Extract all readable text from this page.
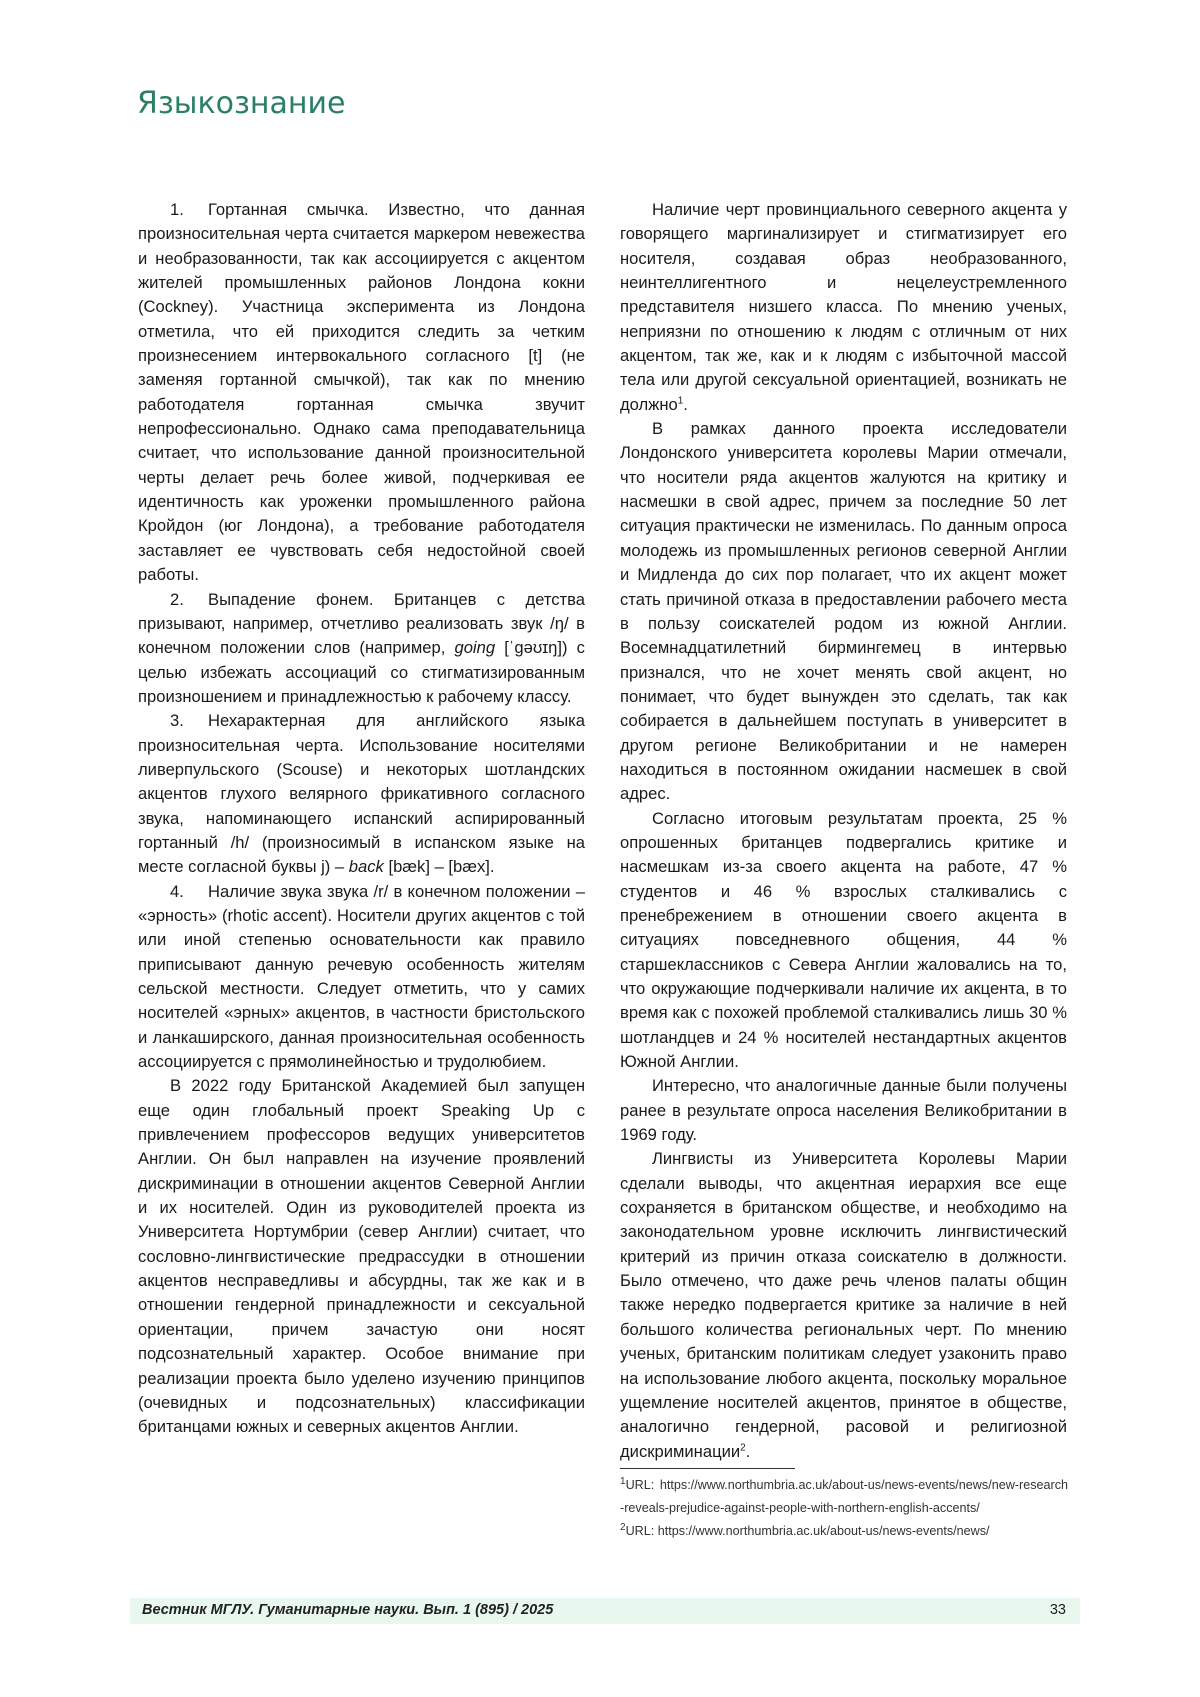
Языкознание

1. Гортанная смычка. Известно, что данная произносительная черта считается маркером невежества и необразованности, так как ассоциируется с акцентом жителей промышленных районов Лондона кокни (Cockney). Участница эксперимента из Лондона отметила, что ей приходится следить за четким произнесением интервокального согласного [t] (не заменяя гортанной смычкой), так как по мнению работодателя гортанная смычка звучит непрофессионально. Однако сама преподавательница считает, что использование данной произносительной черты делает речь более живой, подчеркивая ее идентичность как уроженки промышленного района Кройдон (юг Лондона), а требование работодателя заставляет ее чувствовать себя недостойной своей работы.

2. Выпадение фонем. Британцев с детства призывают, например, отчетливо реализовать звук /ŋ/ в конечном положении слов (например, going [ˈɡəʊɪŋ]) с целью избежать ассоциаций со стигматизированным произношением и принадлежностью к рабочему классу.

3. Нехарактерная для английского языка произносительная черта. Использование носителями ливерпульского (Scouse) и некоторых шотландских акцентов глухого велярного фрикативного согласного звука, напоминающего испанский аспирированный гортанный /h/ (произносимый в испанском языке на месте согласной буквы j) – back [bæk] – [bæx].

4. Наличие звука звука /r/ в конечном положении – «эрность» (rhotic accent). Носители других акцентов с той или иной степенью основательности как правило приписывают данную речевую особенность жителям сельской местности. Следует отметить, что у самих носителей «эрных» акцентов, в частности бристольского и ланкаширского, данная произносительная особенность ассоциируется с прямолинейностью и трудолюбием.

В 2022 году Британской Академией был запущен еще один глобальный проект Speaking Up с привлечением профессоров ведущих университетов Англии. Он был направлен на изучение проявлений дискриминации в отношении акцентов Северной Англии и их носителей. Один из руководителей проекта из Университета Нортумбрии (север Англии) считает, что сословно-лингвистические предрассудки в отношении акцентов несправедливы и абсурдны, так же как и в отношении гендерной принадлежности и сексуальной ориентации, причем зачастую они носят подсознательный характер. Особое внимание при реализации проекта было уделено изучению принципов (очевидных и подсознательных) классификации британцами южных и северных акцентов Англии.

Наличие черт провинциального северного акцента у говорящего маргинализирует и стигматизирует его носителя, создавая образ необразованного, неинтеллигентного и нецелеустремленного представителя низшего класса. По мнению ученых, неприязни по отношению к людям с отличным от них акцентом, так же, как и к людям с избыточной массой тела или другой сексуальной ориентацией, возникать не должно1.

В рамках данного проекта исследователи Лондонского университета королевы Марии отмечали, что носители ряда акцентов жалуются на критику и насмешки в свой адрес, причем за последние 50 лет ситуация практически не изменилась. По данным опроса молодежь из промышленных регионов северной Англии и Мидленда до сих пор полагает, что их акцент может стать причиной отказа в предоставлении рабочего места в пользу соискателей родом из южной Англии. Восемнадцатилетний бирмингемец в интервью признался, что не хочет менять свой акцент, но понимает, что будет вынужден это сделать, так как собирается в дальнейшем поступать в университет в другом регионе Великобритании и не намерен находиться в постоянном ожидании насмешек в свой адрес.

Согласно итоговым результатам проекта, 25 % опрошенных британцев подвергались критике и насмешкам из-за своего акцента на работе, 47 % студентов и 46 % взрослых сталкивались с пренебрежением в отношении своего акцента в ситуациях повседневного общения, 44 % старшеклассников с Севера Англии жаловались на то, что окружающие подчеркивали наличие их акцента, в то время как с похожей проблемой сталкивались лишь 30 % шотландцев и 24 % носителей нестандартных акцентов Южной Англии.

Интересно, что аналогичные данные были получены ранее в результате опроса населения Великобритании в 1969 году.

Лингвисты из Университета Королевы Марии сделали выводы, что акцентная иерархия все еще сохраняется в британском обществе, и необходимо на законодательном уровне исключить лингвистический критерий из причин отказа соискателю в должности. Было отмечено, что даже речь членов палаты общин также нередко подвергается критике за наличие в ней большого количества региональных черт. По мнению ученых, британским политикам следует узаконить право на использование любого акцента, поскольку моральное ущемление носителей акцентов, принятое в обществе, аналогично гендерной, расовой и религиозной дискриминации2.

1URL: https://www.northumbria.ac.uk/about-us/news-events/news/new-research-reveals-prejudice-against-people-with-northern-english-accents/
2URL: https://www.northumbria.ac.uk/about-us/news-events/news/
Вестник МГЛУ. Гуманитарные науки. Вып. 1 (895) / 2025	33
